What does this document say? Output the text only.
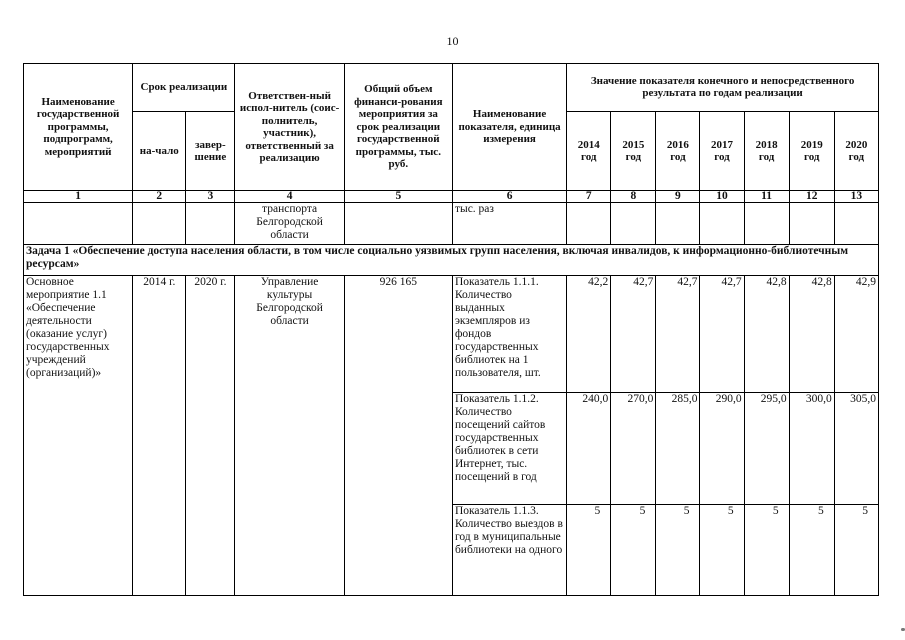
10
Наименование государственной программы, подпрограмм, мероприятий	Срок реализации		Ответствен-ный испол-нитель (соис-полнитель, участник), ответственный за реализацию	Общий объем финанси-рования мероприятия за срок реализации государственной программы, тыс. руб.	Наименование показателя, единица измерения	Значение показателя конечного и непосредственного результата по годам реализации						
	на-чало	завер-шение				2014 год	2015 год	2016 год	2017 год	2018 год	2019 год	2020 год
1	2	3	4	5	6	7	8	9	10	11	12	13
			транспорта Белгородской области		тыс. раз							
Задача 1 «Обеспечение доступа населения области, в том числе социально уязвимых групп населения, включая инвалидов, к информационно-библиотечным ресурсам»												
Основное мероприятие 1.1 «Обеспечение деятельности (оказание услуг) государственных учреждений (организаций)»	2014 г.	2020 г.	Управление культуры Белгородской области	926 165	Показатель 1.1.1. Количество выданных экземпляров из фондов государственных библиотек на 1 пользователя, шт.	42,2	42,7	42,7	42,7	42,8	42,8	42,9
					Показатель 1.1.2. Количество посещений сайтов государственных библиотек в сети Интернет, тыс. посещений в год	240,0	270,0	285,0	290,0	295,0	300,0	305,0
					Показатель 1.1.3. Количество выездов в год в муниципальные библиотеки на одного	5	5	5	5	5	5	5
